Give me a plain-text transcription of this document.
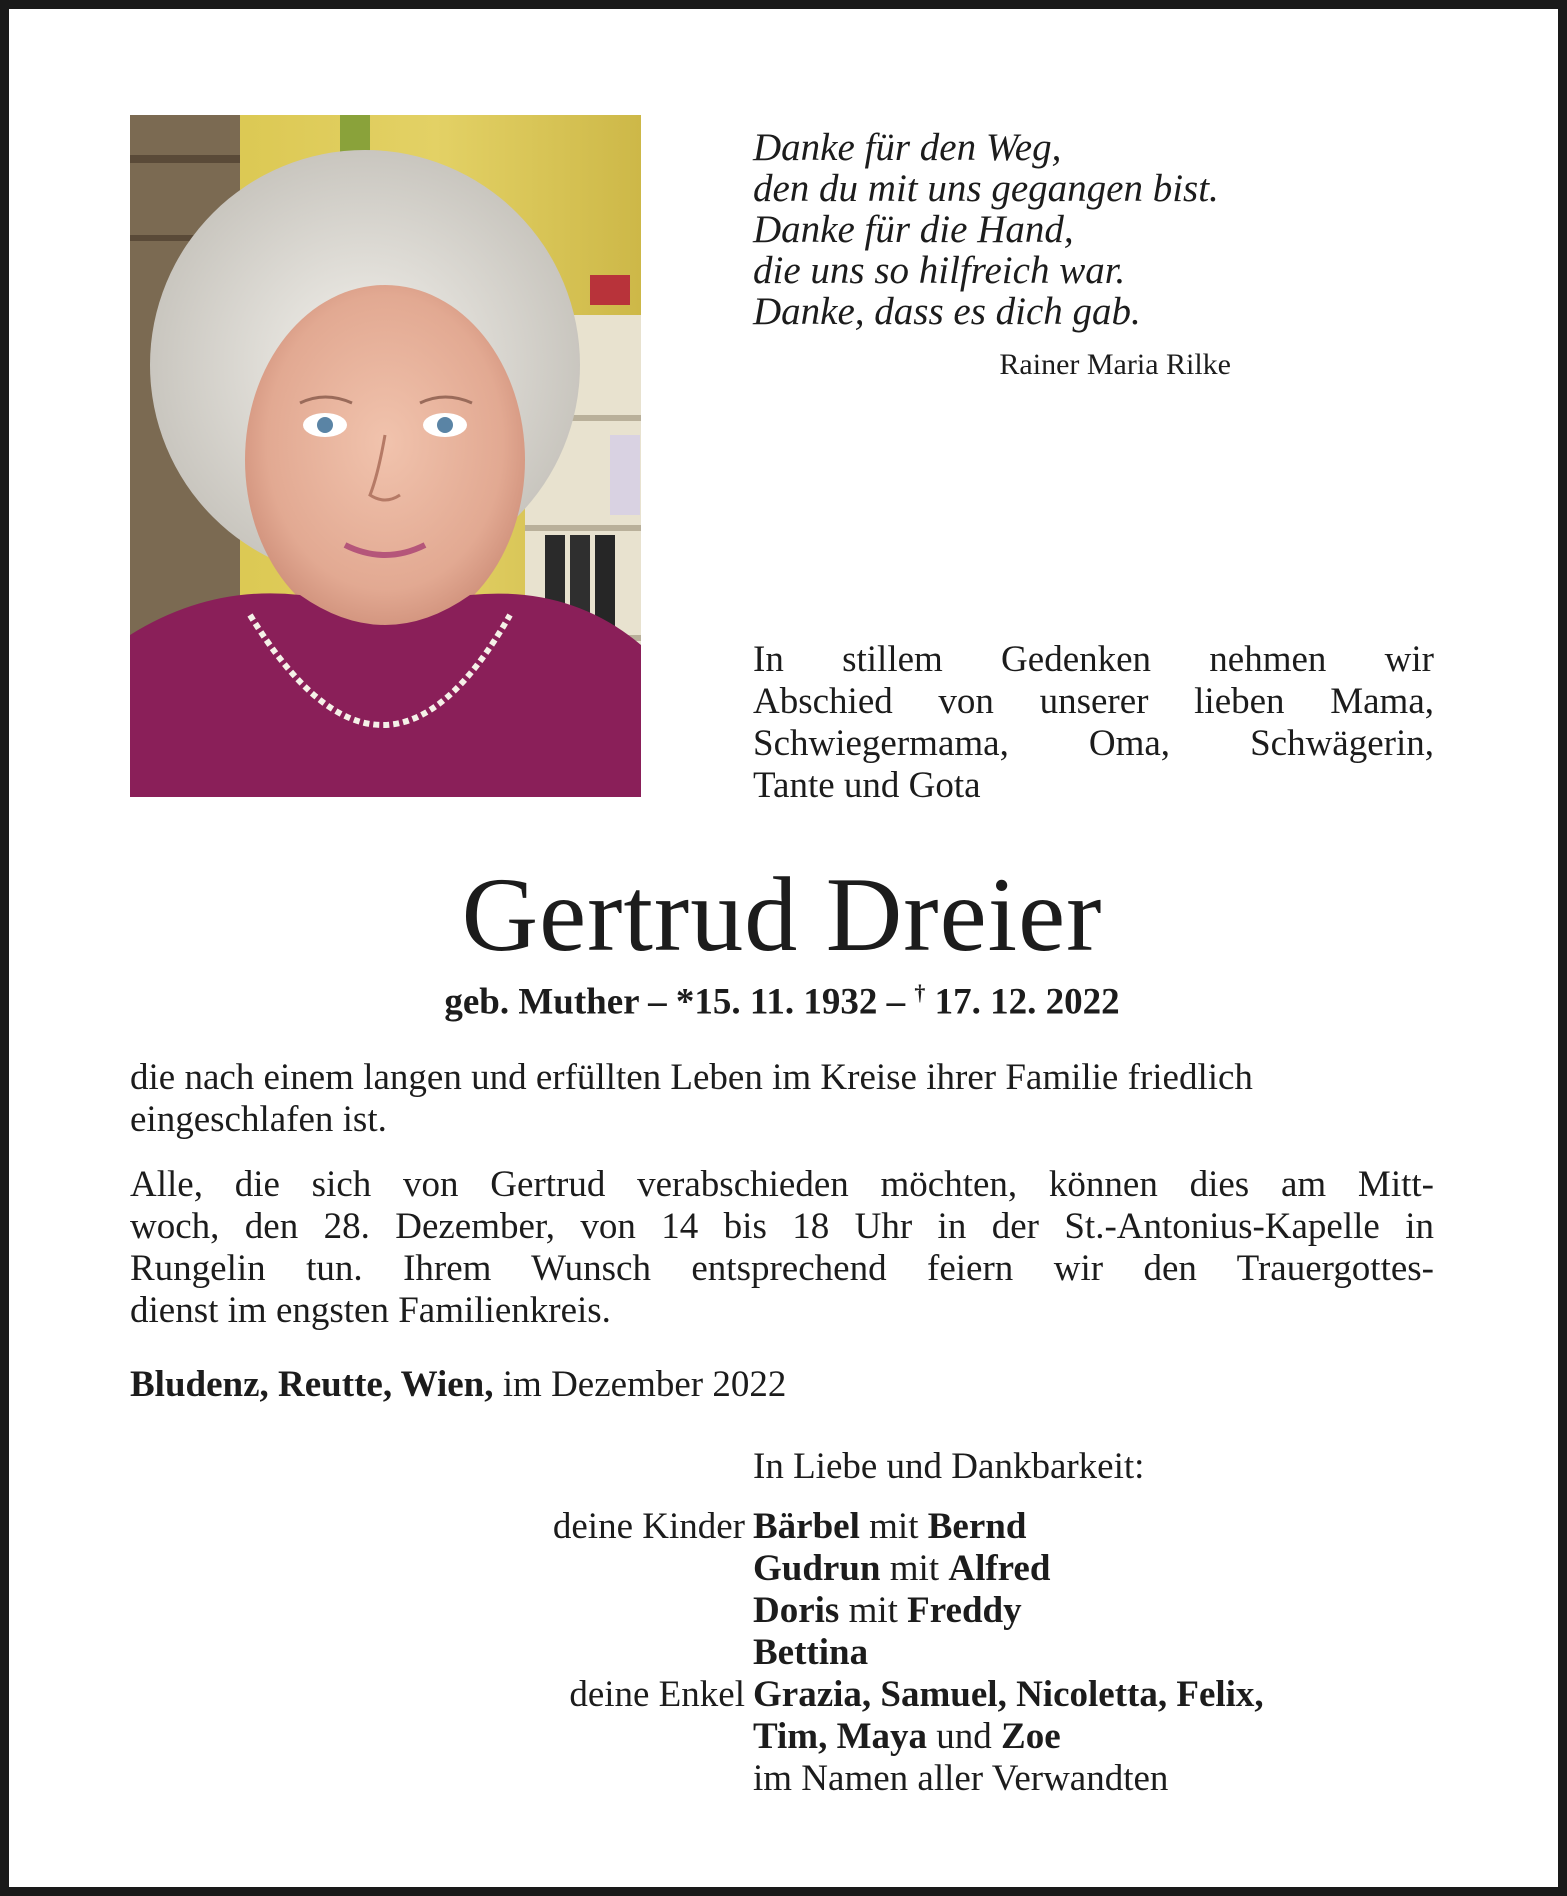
Danke für den Weg,
den du mit uns gegangen bist.
Danke für die Hand,
die uns so hilfreich war.
Danke, dass es dich gab.
Rainer Maria Rilke
In stillem Gedenken nehmen wir
Abschied von unserer lieben Mama,
Schwiegermama, Oma, Schwägerin,
Tante und Gota
Gertrud Dreier
geb. Muther – *15. 11. 1932 – † 17. 12. 2022
die nach einem langen und erfüllten Leben im Kreise ihrer Familie friedlich eingeschlafen ist.
Alle, die sich von Gertrud verabschieden möchten, können dies am Mitt-
woch, den 28. Dezember, von 14 bis 18 Uhr in der St.-Antonius-Kapelle in
Rungelin tun. Ihrem Wunsch entsprechend feiern wir den Trauergottes-
dienst im engsten Familienkreis.
Bludenz, Reutte, Wien, im Dezember 2022
In Liebe und Dankbarkeit:
deine Kinder Bärbel mit Bernd
Gudrun mit Alfred
Doris mit Freddy
Bettina
deine Enkel Grazia, Samuel, Nicoletta, Felix,
Tim, Maya und Zoe
im Namen aller Verwandten
